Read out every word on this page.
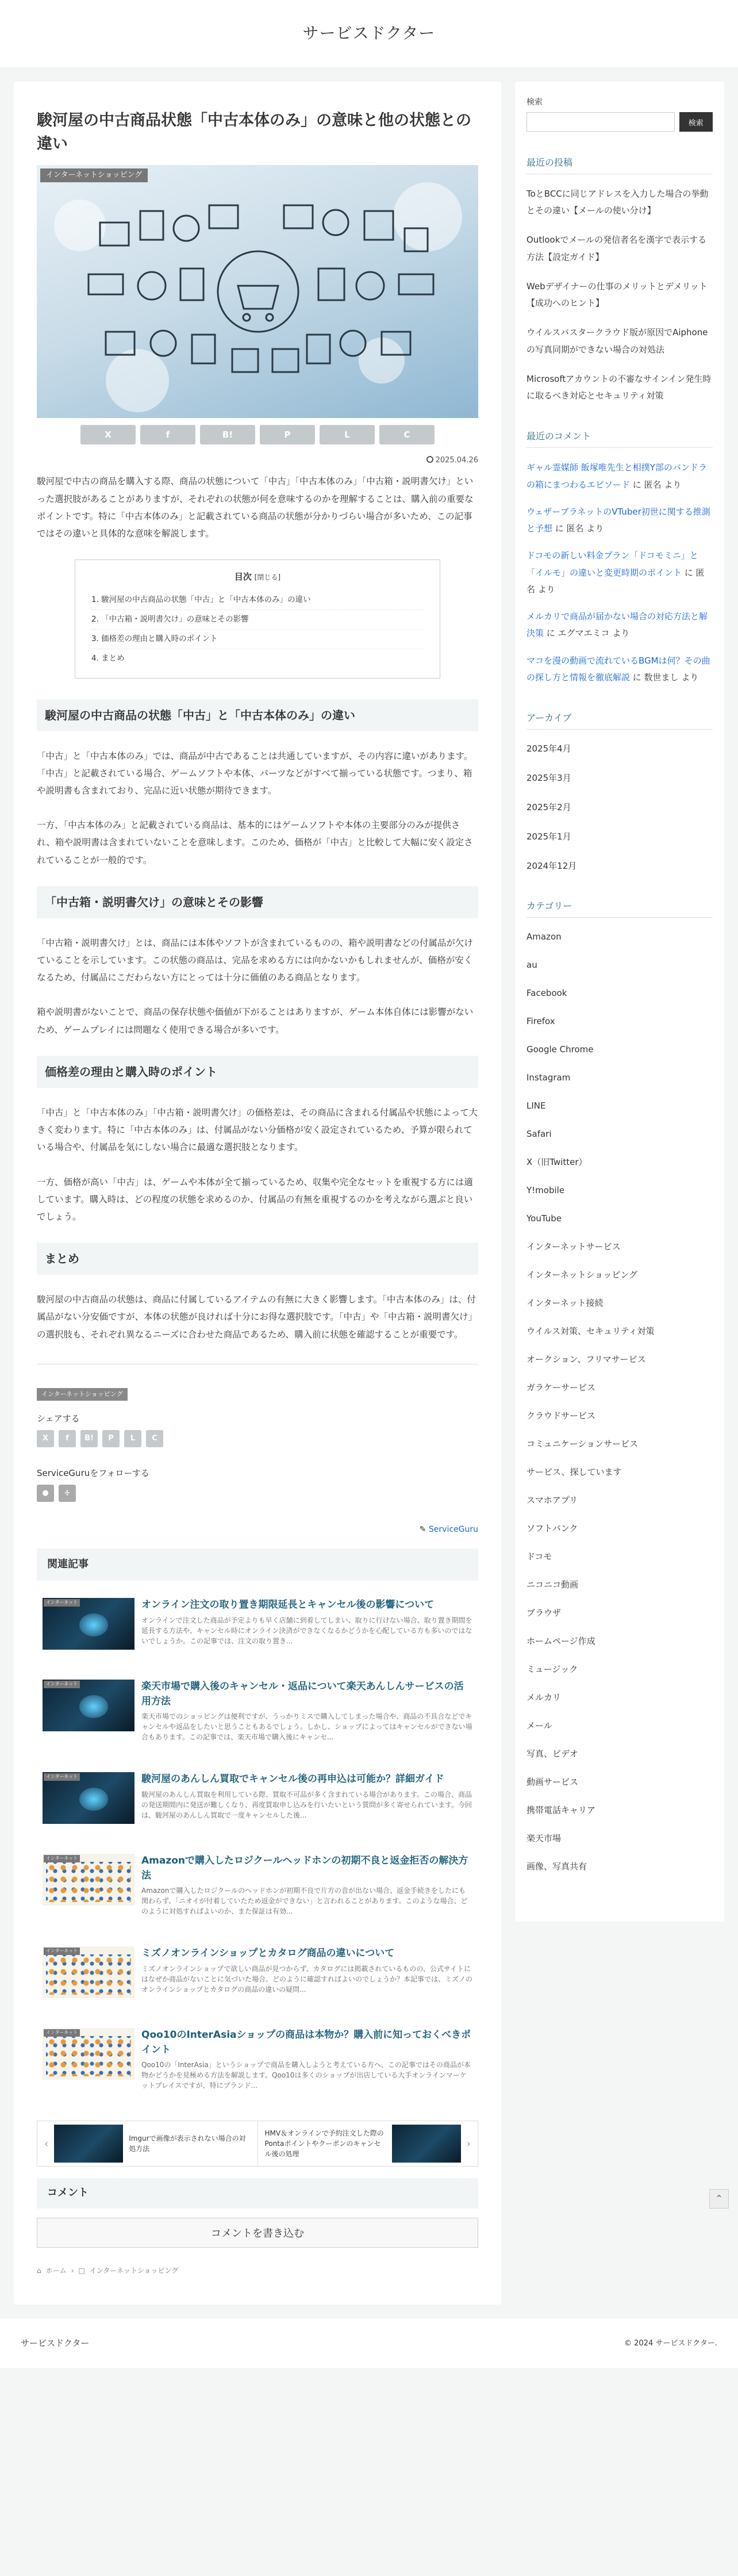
サービスドクター
駿河屋の中古商品状態「中古本体のみ」の意味と他の状態との違い
インターネットショッピング
X	f	B!	P	L	C
2025.04.26

駿河屋で中古の商品を購入する際、商品の状態について「中古」「中古本体のみ」「中古箱・説明書欠け」といった選択肢があることがありますが、それぞれの状態が何を意味するのかを理解することは、購入前の重要なポイントです。特に「中古本体のみ」と記載されている商品の状態が分かりづらい場合が多いため、この記事ではその違いと具体的な意味を解説します。

目次 [閉じる]
1. 駿河屋の中古商品の状態「中古」と「中古本体のみ」の違い
2. 「中古箱・説明書欠け」の意味とその影響
3. 価格差の理由と購入時のポイント
4. まとめ
駿河屋の中古商品の状態「中古」と「中古本体のみ」の違い

「中古」と「中古本体のみ」では、商品が中古であることは共通していますが、その内容に違いがあります。「中古」と記載されている場合、ゲームソフトや本体、パーツなどがすべて揃っている状態です。つまり、箱や説明書も含まれており、完品に近い状態が期待できます。

一方、「中古本体のみ」と記載されている商品は、基本的にはゲームソフトや本体の主要部分のみが提供され、箱や説明書は含まれていないことを意味します。このため、価格が「中古」と比較して大幅に安く設定されていることが一般的です。

「中古箱・説明書欠け」の意味とその影響

「中古箱・説明書欠け」とは、商品には本体やソフトが含まれているものの、箱や説明書などの付属品が欠けていることを示しています。この状態の商品は、完品を求める方には向かないかもしれませんが、価格が安くなるため、付属品にこだわらない方にとっては十分に価値のある商品となります。

箱や説明書がないことで、商品の保存状態や価値が下がることはありますが、ゲーム本体自体には影響がないため、ゲームプレイには問題なく使用できる場合が多いです。

価格差の理由と購入時のポイント

「中古」と「中古本体のみ」「中古箱・説明書欠け」の価格差は、その商品に含まれる付属品や状態によって大きく変わります。特に「中古本体のみ」は、付属品がない分価格が安く設定されているため、予算が限られている場合や、付属品を気にしない場合に最適な選択肢となります。

一方、価格が高い「中古」は、ゲームや本体が全て揃っているため、収集や完全なセットを重視する方には適しています。購入時は、どの程度の状態を求めるのか、付属品の有無を重視するのかを考えながら選ぶと良いでしょう。

まとめ

駿河屋の中古商品の状態は、商品に付属しているアイテムの有無に大きく影響します。「中古本体のみ」は、付属品がない分安価ですが、本体の状態が良ければ十分にお得な選択肢です。「中古」や「中古箱・説明書欠け」の選択肢も、それぞれ異なるニーズに合わせた商品であるため、購入前に状態を確認することが重要です。

インターネットショッピング
シェアする
X	f	B!	P	L	C
ServiceGuruをフォローする
●	∻
✎ ServiceGuru
関連記事
インターネット	オンライン注文の取り置き期限延長とキャンセル後の影響について
オンラインで注文した商品が予定よりも早く店舗に到着してしまい、取りに行けない場合、取り置き期間を延長する方法や、キャンセル時にオンライン決済ができなくなるかどうかを心配している方も多いのではないでしょうか。この記事では、注文の取り置き...
インターネット	楽天市場で購入後のキャンセル・返品について楽天あんしんサービスの活用方法
楽天市場でのショッピングは便利ですが、うっかりミスで購入してしまった場合や、商品の不具合などでキャンセルや返品をしたいと思うこともあるでしょう。しかし、ショップによってはキャンセルができない場合もあります。この記事では、楽天市場で購入後にキャンセ...
インターネット	駿河屋のあんしん買取でキャンセル後の再申込は可能か？詳細ガイド
駿河屋のあんしん買取を利用している際、買取不可品が多く含まれている場合があります。この場合、商品の発送期間内に発送が難しくなり、再度買取申し込みを行いたいという質問が多く寄せられています。今回は、駿河屋のあんしん買取で一度キャンセルした後...
インターネット	Amazonで購入したロジクールヘッドホンの初期不良と返金拒否の解決方法
Amazonで購入したロジクールのヘッドホンが初期不良で片方の音が出ない場合、返金手続きをしたにも関わらず、「ニオイが付着していたため返金ができない」と言われることがあります。このような場合、どのように対処すればよいのか、また保証は有効...
インターネット	ミズノオンラインショップとカタログ商品の違いについて
ミズノオンラインショップで欲しい商品が見つからず、カタログには掲載されているものの、公式サイトにはなぜか商品がないことに気づいた場合、どのように確認すればよいのでしょうか？本記事では、ミズノのオンラインショップとカタログの商品の違いの疑問...
インターネット	Qoo10のInterAsiaショップの商品は本物か？購入前に知っておくべきポイント
Qoo10の「InterAsia」というショップで商品を購入しようと考えている方へ、この記事ではその商品が本物かどうかを見極める方法を解説します。Qoo10は多くのショップが出店している大手オンラインマーケットプレイスですが、特にブランド...
‹	Imgurで画像が表示されない場合の対処方法
HMV＆オンラインで予約注文した際のPontaポイントやクーポンのキャンセル後の処理
›
コメント
コメントを書き込む
⌂ ホーム › □ インターネットショッピング
検索
検索
最近の投稿
ToとBCCに同じアドレスを入力した場合の挙動とその違い【メールの使い分け】
Outlookでメールの発信者名を漢字で表示する方法【設定ガイド】
Webデザイナーの仕事のメリットとデメリット【成功へのヒント】
ウイルスバスタークラウド版が原因でAiphoneの写真同期ができない場合の対処法
Microsoftアカウントの不審なサインイン発生時に取るべき対応とセキュリティ対策
最近のコメント
ギャル霊媒師 飯塚唯先生と相撲Y部のバンドラの箱にまつわるエピソード に 匿名 より
ウェザーブラネットのVTuber初世に関する推測と予想 に 匿名 より
ドコモの新しい料金プラン「ドコモミニ」と「イルモ」の違いと変更時期のポイント に 匿名 より
メルカリで商品が届かない場合の対応方法と解決策 に エグマエミコ より
マコを漫の動画で流れているBGMは何？その曲の探し方と情報を徹底解説 に 数世まし より
アーカイブ
2025年4月
2025年3月
2025年2月
2025年1月
2024年12月
カテゴリー
Amazon
au
Facebook
Firefox
Google Chrome
Instagram
LINE
Safari
X（旧Twitter）
Y!mobile
YouTube
インターネットサービス
インターネットショッピング
インターネット接続
ウイルス対策、セキュリティ対策
オークション、フリマサービス
ガラケーサービス
クラウドサービス
コミュニケーションサービス
サービス、探しています
スマホアプリ
ソフトバンク
ドコモ
ニコニコ動画
ブラウザ
ホームページ作成
ミュージック
メルカリ
メール
写真、ビデオ
動画サービス
携帯電話キャリア
楽天市場
画像、写真共有
⌃
サービスドクター	© 2024 サービスドクター.
